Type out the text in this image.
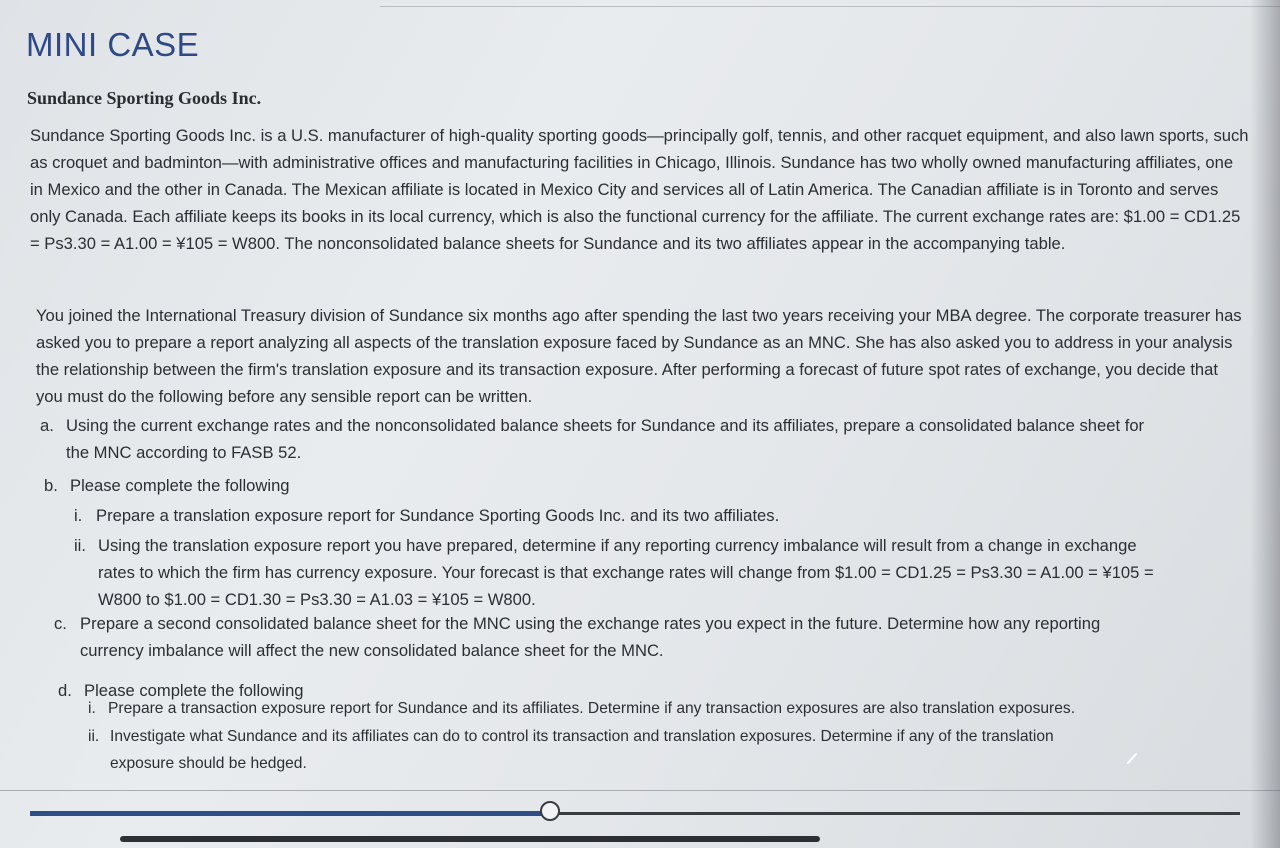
MINI CASE
Sundance Sporting Goods Inc.
Sundance Sporting Goods Inc. is a U.S. manufacturer of high-quality sporting goods—principally golf, tennis, and other racquet equipment, and also lawn sports, such as croquet and badminton—with administrative offices and manufacturing facilities in Chicago, Illinois. Sundance has two wholly owned manufacturing affiliates, one in Mexico and the other in Canada. The Mexican affiliate is located in Mexico City and services all of Latin America. The Canadian affiliate is in Toronto and serves only Canada. Each affiliate keeps its books in its local currency, which is also the functional currency for the affiliate. The current exchange rates are: $1.00 = CD1.25 = Ps3.30 = A1.00 = ¥105 = W800. The nonconsolidated balance sheets for Sundance and its two affiliates appear in the accompanying table.
You joined the International Treasury division of Sundance six months ago after spending the last two years receiving your MBA degree. The corporate treasurer has asked you to prepare a report analyzing all aspects of the translation exposure faced by Sundance as an MNC. She has also asked you to address in your analysis the relationship between the firm's translation exposure and its transaction exposure. After performing a forecast of future spot rates of exchange, you decide that you must do the following before any sensible report can be written.
a. Using the current exchange rates and the nonconsolidated balance sheets for Sundance and its affiliates, prepare a consolidated balance sheet for
the MNC according to FASB 52.
b. Please complete the following
i. Prepare a translation exposure report for Sundance Sporting Goods Inc. and its two affiliates.
ii. Using the translation exposure report you have prepared, determine if any reporting currency imbalance will result from a change in exchange
rates to which the firm has currency exposure. Your forecast is that exchange rates will change from $1.00 = CD1.25 = Ps3.30 = A1.00 = ¥105 =
W800 to $1.00 = CD1.30 = Ps3.30 = A1.03 = ¥105 = W800.
c. Prepare a second consolidated balance sheet for the MNC using the exchange rates you expect in the future. Determine how any reporting
currency imbalance will affect the new consolidated balance sheet for the MNC.
d. Please complete the following
i. Prepare a transaction exposure report for Sundance and its affiliates. Determine if any transaction exposures are also translation exposures.
ii. Investigate what Sundance and its affiliates can do to control its transaction and translation exposures. Determine if any of the translation
exposure should be hedged.
